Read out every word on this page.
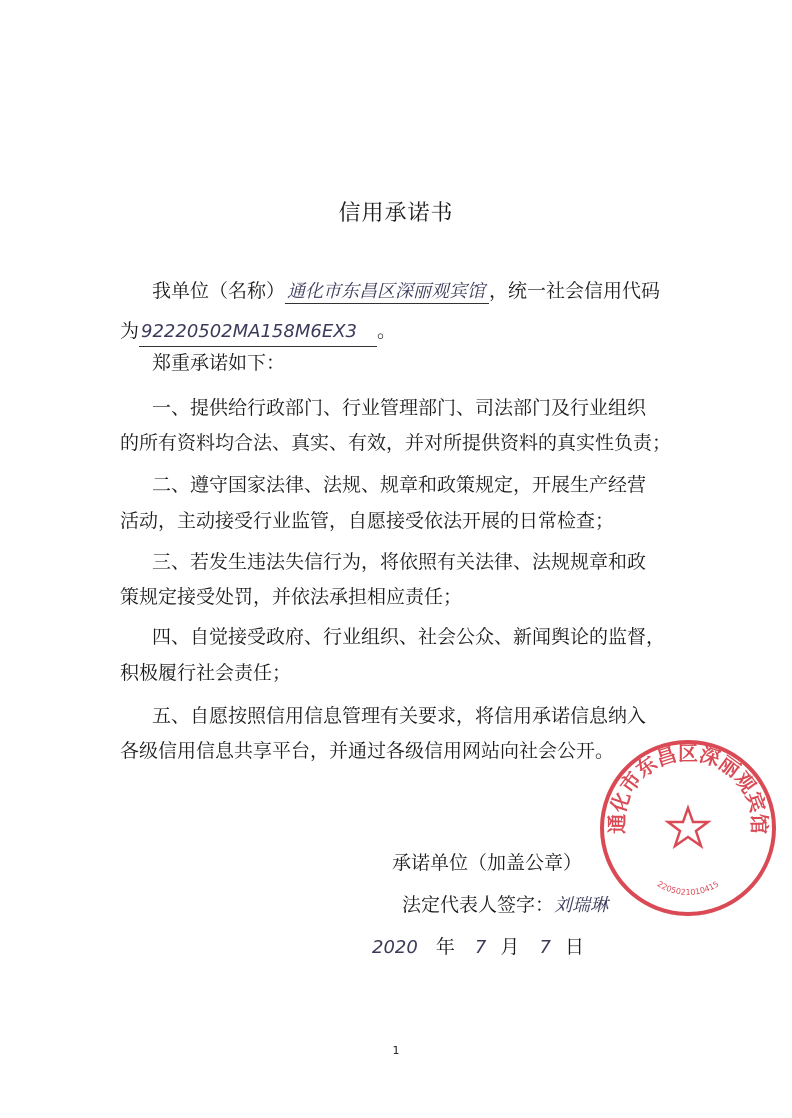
信用承诺书
我单位（名称） 通化市东昌区深丽观宾馆 ，统一社会信用代码
为 92220502MA158M6EX3 。
郑重承诺如下：
一、提供给行政部门、行业管理部门、司法部门及行业组织
的所有资料均合法、真实、有效，并对所提供资料的真实性负责；
二、遵守国家法律、法规、规章和政策规定，开展生产经营
活动，主动接受行业监管，自愿接受依法开展的日常检查；
三、若发生违法失信行为，将依照有关法律、法规规章和政
策规定接受处罚，并依法承担相应责任；
四、自觉接受政府、行业组织、社会公众、新闻舆论的监督，
积极履行社会责任；
五、自愿按照信用信息管理有关要求，将信用承诺信息纳入
各级信用信息共享平台，并通过各级信用网站向社会公开。
承诺单位（加盖公章）
法定代表人签字：刘瑞琳
2020 年 7 月 7 日
通化市东昌区深丽观宾馆
2205021010415
1
